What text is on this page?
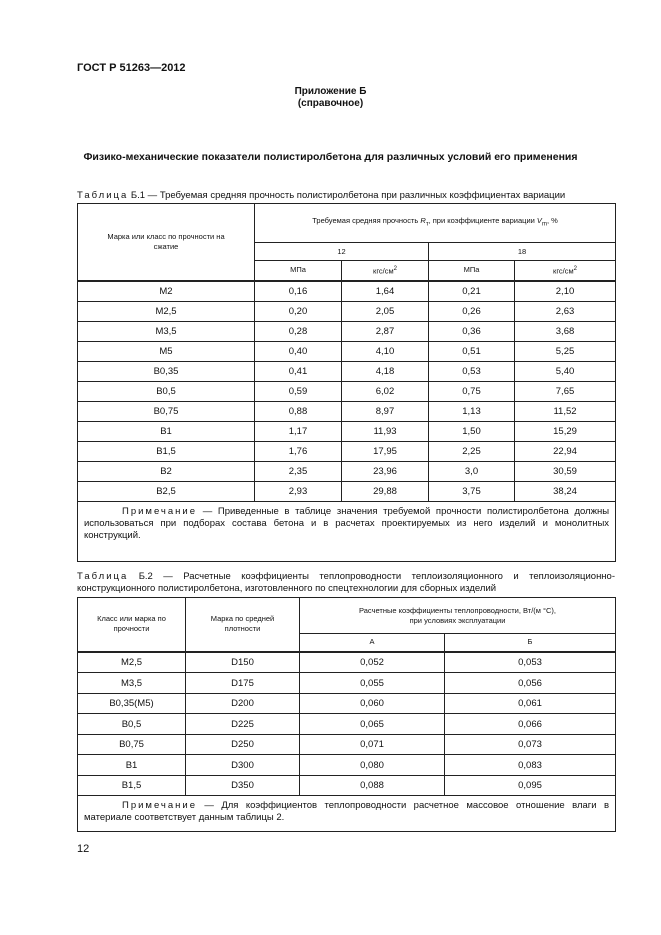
ГОСТ Р 51263—2012
Приложение Б
(справочное)
Физико-механические показатели полистиролбетона для различных условий его применения
Таблица Б.1 — Требуемая средняя прочность полистиролбетона при различных коэффициентах вариации
Марка или класс по прочности на сжатие	Требуемая средняя прочность $R_т$, при коэффициенте вариации $V_m$, %			
	12		18	
	МПа	кгс/$см^2$	МПа	кгс/$см^2$
М2	0,16	1,64	0,21	2,10
М2,5	0,20	2,05	0,26	2,63
М3,5	0,28	2,87	0,36	3,68
М5	0,40	4,10	0,51	5,25
В0,35	0,41	4,18	0,53	5,40
В0,5	0,59	6,02	0,75	7,65
В0,75	0,88	8,97	1,13	11,52
В1	1,17	11,93	1,50	15,29
В1,5	1,76	17,95	2,25	22,94
В2	2,35	23,96	3,0	30,59
В2,5	2,93	29,88	3,75	38,24
Примечание — Приведенные в таблице значения требуемой прочности полистиролбетона должны использоваться при подборах состава бетона и в расчетах проектируемых из него изделий и монолитных конструкций.				
Таблица Б.2 — Расчетные коэффициенты теплопроводности теплоизоляционного и теплоизоляционно-конструкционного полистиролбетона, изготовленного по спецтехнологии для сборных изделий
Класс или марка по прочности	Марка по средней плотности	Расчетные коэффициенты теплопроводности, Вт/(м °С),
при условиях эксплуатации	

		А	Б
М2,5	D150	0,052	0,053
М3,5	D175	0,055	0,056
В0,35(М5)	D200	0,060	0,061
В0,5	D225	0,065	0,066
В0,75	D250	0,071	0,073
В1	D300	0,080	0,083
В1,5	D350	0,088	0,095
Примечание — Для коэффициентов теплопроводности расчетное массовое отношение влаги в материале соответствует данным таблицы 2.			
12
